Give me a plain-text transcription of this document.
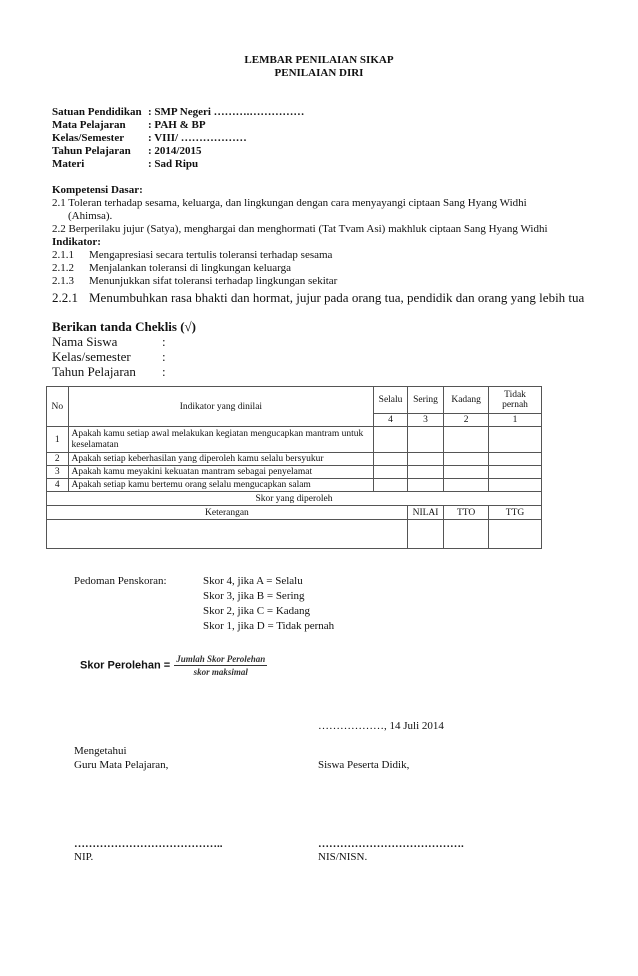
LEMBAR PENILAIAN SIKAP
PENILAIAN DIRI
Satuan Pendidikan : SMP Negeri ……….……………
Mata Pelajaran : PAH & BP
Kelas/Semester : VIII/ ………………
Tahun Pelajaran : 2014/2015
Materi	: Sad Ripu
Kompetensi Dasar:
2.1 Toleran terhadap sesama, keluarga, dan lingkungan dengan cara menyayangi ciptaan Sang Hyang Widhi
(Ahimsa).
2.2 Berperilaku jujur (Satya), menghargai dan menghormati (Tat Tvam Asi) makhluk ciptaan Sang Hyang Widhi
Indikator:
2.1.1 Mengapresiasi secara tertulis toleransi terhadap sesama
2.1.2 Menjalankan toleransi di lingkungan keluarga
2.1.3 Menunjukkan sifat toleransi terhadap lingkungan sekitar
2.2.1 Menumbuhkan rasa bhakti dan hormat, jujur pada orang tua, pendidik dan orang yang lebih tua
Berikan tanda Cheklis (√)
Nama Siswa	:
Kelas/semester :
Tahun Pelajaran :
No	Indikator yang dinilai	Selalu	Sering	Kadang	Tidak pernah
		4	3	2	1
1	Apakah kamu setiap awal melakukan kegiatan mengucapkan mantram untuk keselamatan				
2	Apakah setiap keberhasilan yang diperoleh kamu selalu bersyukur				
3	Apakah kamu meyakini kekuatan mantram sebagai penyelamat				
4	Apakah setiap kamu bertemu orang selalu mengucapkan salam				
Skor yang diperoleh					
Keterangan			NILAI	TTO	TTG

Pedoman Penskoran:	Skor 4, jika A = Selalu
Skor 3, jika B = Sering
Skor 2, jika C = Kadang
Skor 1, jika D = Tidak pernah
Skor Perolehan = $\frac{\text{Jumlah Skor Perolehan}}{\text{skor maksimal}}$
………………, 14 Juli 2014
Mengetahui
Guru Mata Pelajaran,	Siswa Peserta Didik,
…………………………………..	………………………………….
NIP.	NIS/NISN.
